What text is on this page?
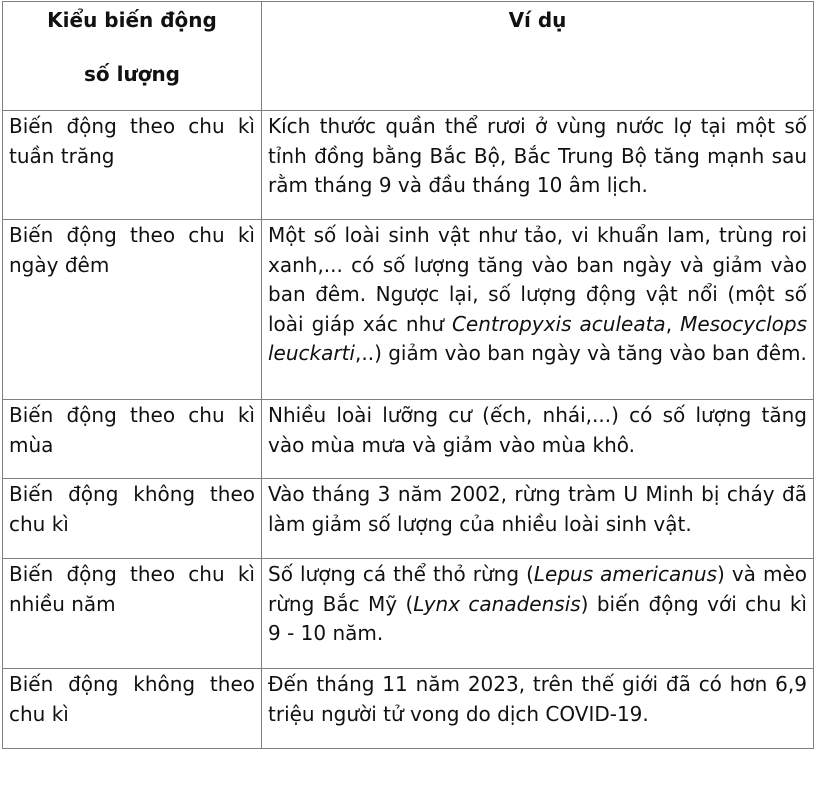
Kiểu biến động
số lượng	Ví dụ
Biến động theo chu kì tuần trăng	Kích thước quần thể rươi ở vùng nước lợ tại một số tỉnh đồng bằng Bắc Bộ, Bắc Trung Bộ tăng mạnh sau rằm tháng 9 và đầu tháng 10 âm lịch.
Biến động theo chu kì ngày đêm	Một số loài sinh vật như tảo, vi khuẩn lam, trùng roi xanh,... có số lượng tăng vào ban ngày và giảm vào ban đêm. Ngược lại, số lượng động vật nổi (một số loài giáp xác như Centropyxis aculeata, Mesocyclops leuckarti,..) giảm vào ban ngày và tăng vào ban đêm.
Biến động theo chu kì mùa	Nhiều loài lưỡng cư (ếch, nhái,...) có số lượng tăng vào mùa mưa và giảm vào mùa khô.
Biến động không theo chu kì	Vào tháng 3 năm 2002, rừng tràm U Minh bị cháy đã làm giảm số lượng của nhiều loài sinh vật.
Biến động theo chu kì nhiều năm	Số lượng cá thể thỏ rừng (Lepus americanus) và mèo rừng Bắc Mỹ (Lynx canadensis) biến động với chu kì 9 - 10 năm.
Biến động không theo chu kì	Đến tháng 11 năm 2023, trên thế giới đã có hơn 6,9 triệu người tử vong do dịch COVID-19.
